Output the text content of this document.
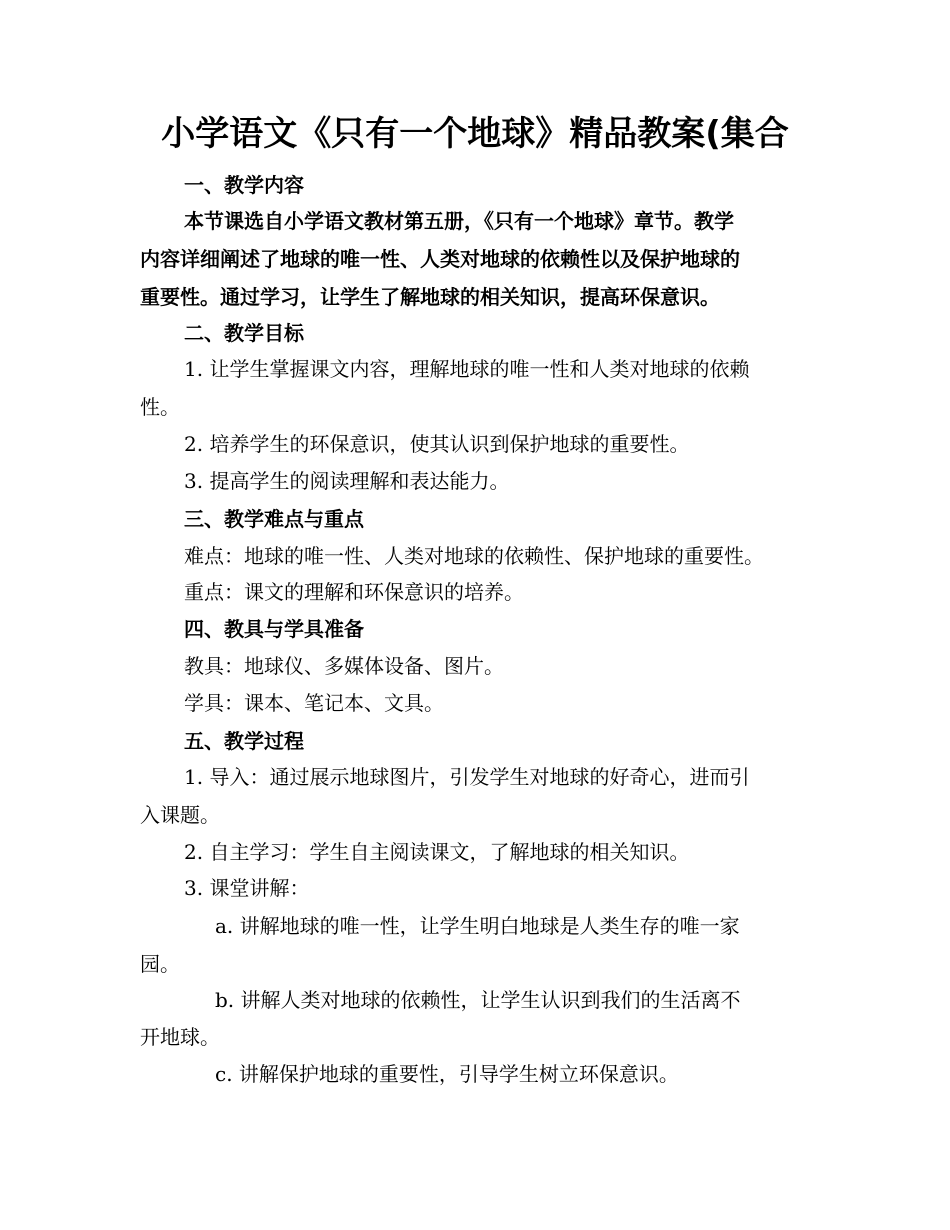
小学语文《只有一个地球》精品教案(集合
一、教学内容
本节课选自小学语文教材第五册，《只有一个地球》章节。教学
内容详细阐述了地球的唯一性、人类对地球的依赖性以及保护地球的
重要性。通过学习，让学生了解地球的相关知识，提高环保意识。
二、教学目标
1. 让学生掌握课文内容，理解地球的唯一性和人类对地球的依赖
性。
2. 培养学生的环保意识，使其认识到保护地球的重要性。
3. 提高学生的阅读理解和表达能力。
三、教学难点与重点
难点：地球的唯一性、人类对地球的依赖性、保护地球的重要性。
重点：课文的理解和环保意识的培养。
四、教具与学具准备
教具：地球仪、多媒体设备、图片。
学具：课本、笔记本、文具。
五、教学过程
1. 导入：通过展示地球图片，引发学生对地球的好奇心，进而引
入课题。
2. 自主学习：学生自主阅读课文，了解地球的相关知识。
3. 课堂讲解：
a. 讲解地球的唯一性，让学生明白地球是人类生存的唯一家
园。
b. 讲解人类对地球的依赖性，让学生认识到我们的生活离不
开地球。
c. 讲解保护地球的重要性，引导学生树立环保意识。
